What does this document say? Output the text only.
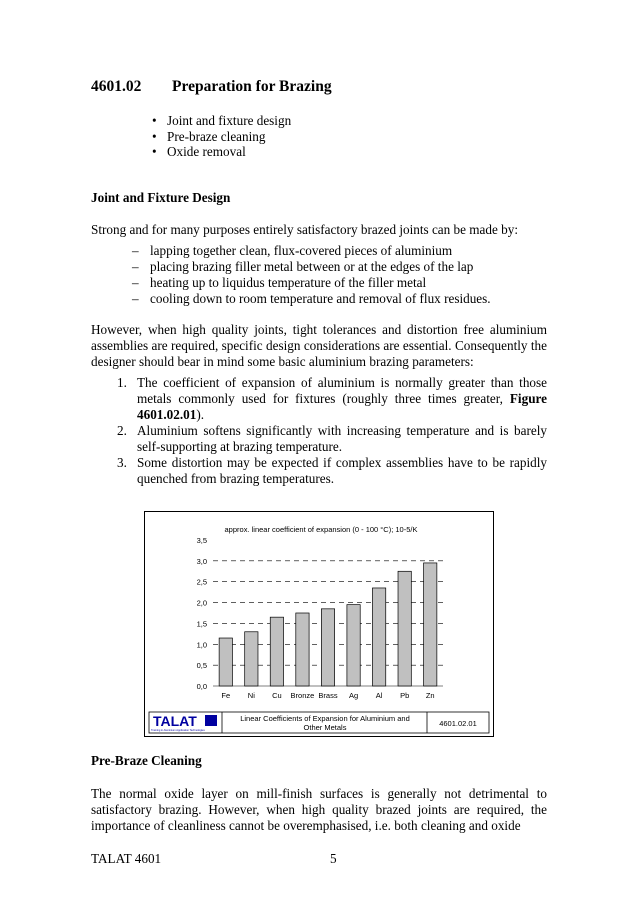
4601.02 Preparation for Brazing
• Joint and fixture design
• Pre-braze cleaning
• Oxide removal
Joint and Fixture Design
Strong and for many purposes entirely satisfactory brazed joints can be made by:
– lapping together clean, flux-covered pieces of aluminium
– placing brazing filler metal between or at the edges of the lap
– heating up to liquidus temperature of the filler metal
– cooling down to room temperature and removal of flux residues.

However, when high quality joints, tight tolerances and distortion free aluminium assemblies are required, specific design considerations are essential. Consequently the designer should bear in mind some basic aluminium brazing parameters:

1. The coefficient of expansion of aluminium is normally greater than those metals commonly used for fixtures (roughly three times greater, Figure 4601.02.01).
2. Aluminium softens significantly with increasing temperature and is barely self-supporting at brazing temperature.
3. Some distortion may be expected if complex assemblies have to be rapidly quenched from brazing temperatures.
approx. linear coefficient of expansion (0 - 100 °C); 10-5/K
0,0
0,5
1,0
1,5
2,0
2,5
3,0
3,5
Fe Ni Cu Bronze Brass Ag Al Pb Zn
TALAT
Training in Aluminium Application Technologies
Linear Coefficients of Expansion for Aluminium and
Other Metals	4601.02.01
Pre-Braze Cleaning
The normal oxide layer on mill-finish surfaces is generally not detrimental to satisfactory brazing. However, when high quality brazed joints are required, the importance of cleanliness cannot be overemphasised, i.e. both cleaning and oxide
TALAT 4601	5
